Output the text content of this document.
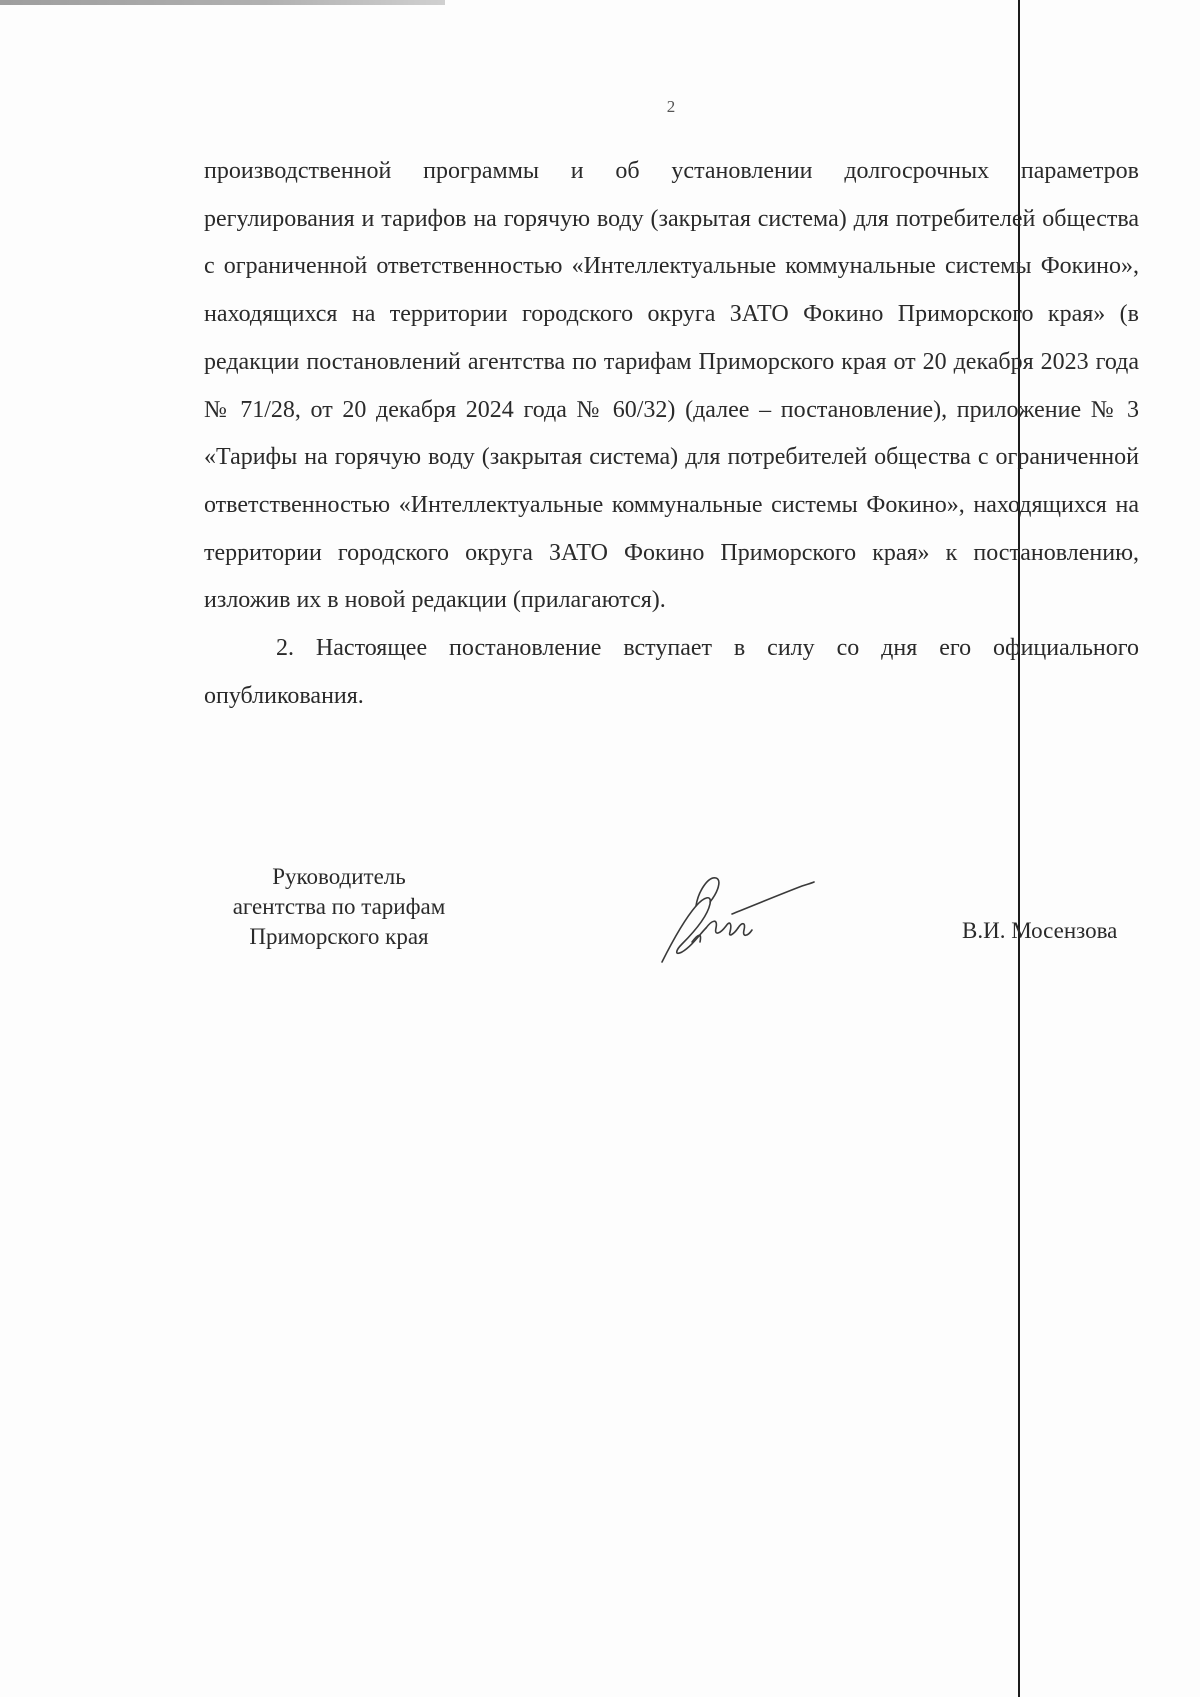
2

производственной программы и об установлении долгосрочных параметров регулирования и тарифов на горячую воду (закрытая система) для потребителей общества с ограниченной ответственностью «Интеллектуальные коммунальные системы Фокино», находящихся на территории городского округа ЗАТО Фокино Приморского края» (в редакции постановлений агентства по тарифам Приморского края от 20 декабря 2023 года № 71/28, от 20 декабря 2024 года № 60/32) (далее – постановление), приложение № 3 «Тарифы на горячую воду (закрытая система) для потребителей общества с ограниченной ответственностью «Интеллектуальные коммунальные системы Фокино», находящихся на территории городского округа ЗАТО Фокино Приморского края» к постановлению, изложив их в новой редакции (прилагаются).

2. Настоящее постановление вступает в силу со дня его официального опубликования.

Руководитель
агентства по тарифам
Приморского края	В.И. Мосензова
